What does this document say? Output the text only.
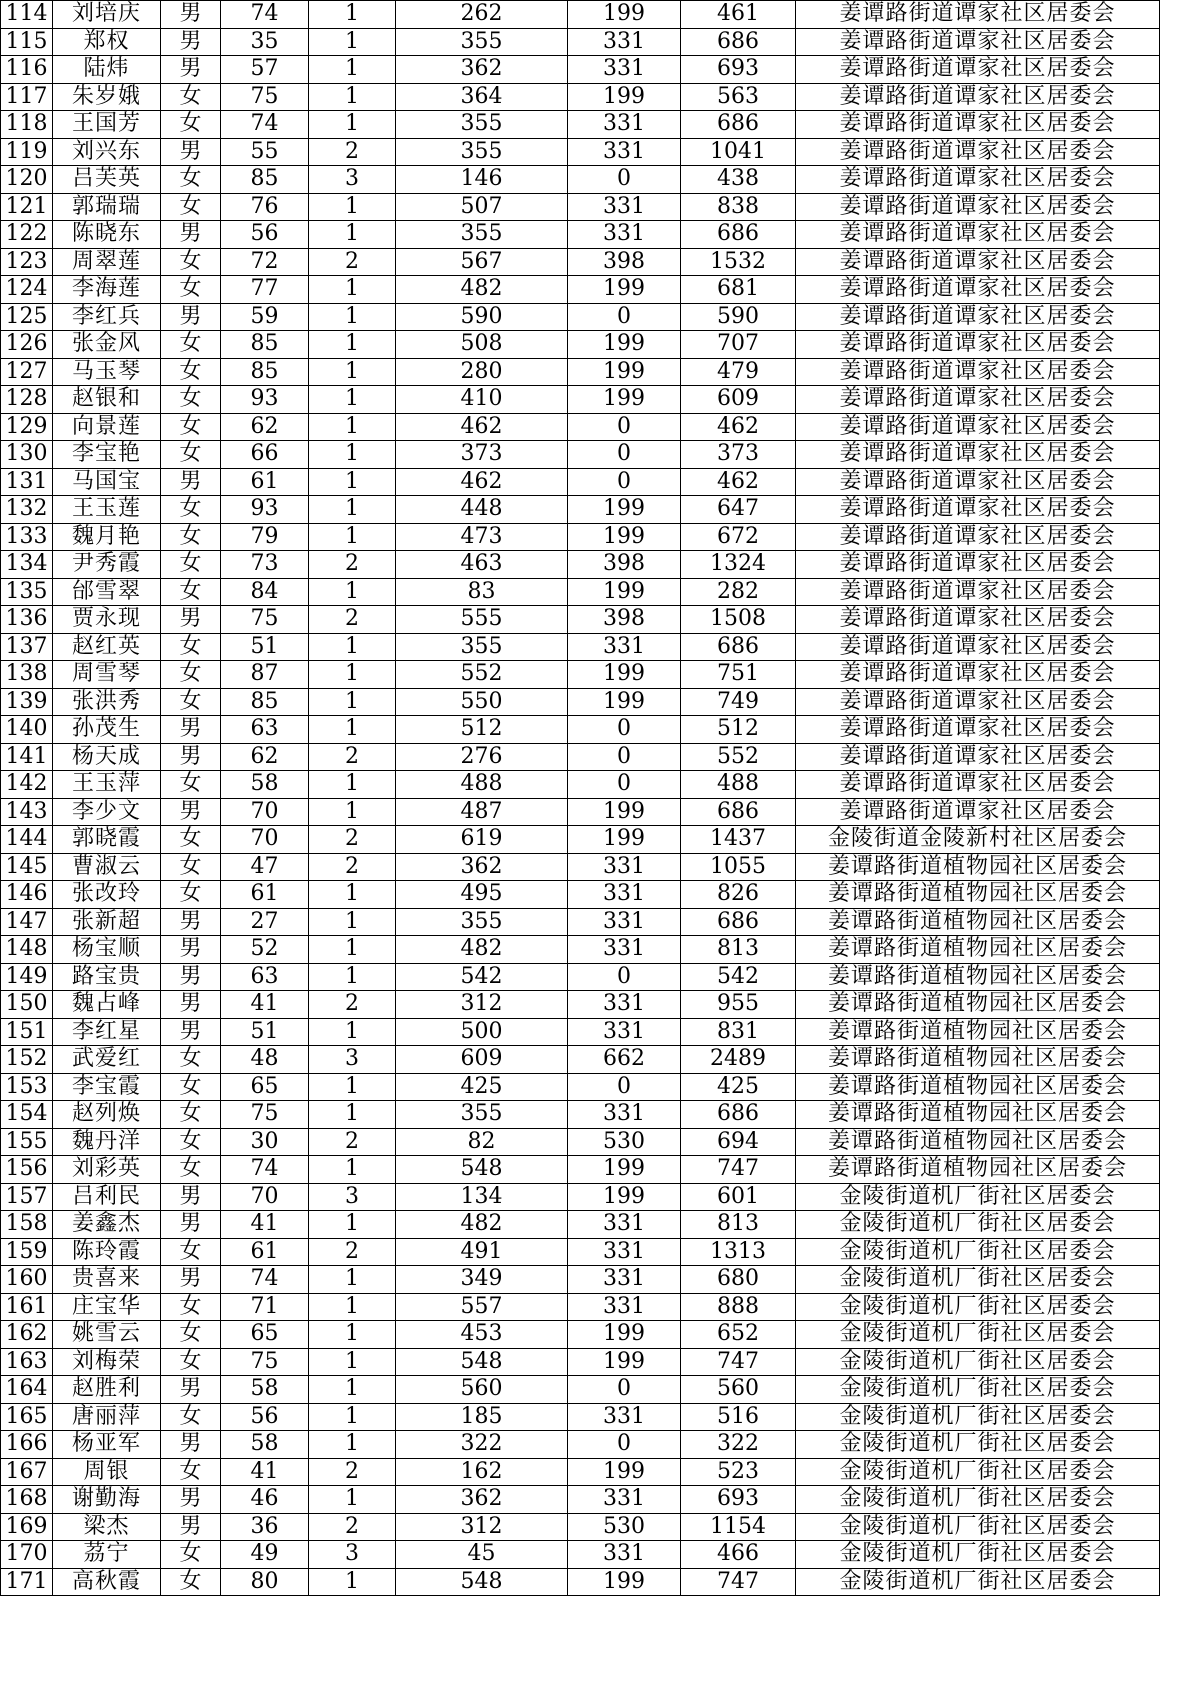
114	刘培庆	男	74	1	262	199	461	姜谭路街道谭家社区居委会
115	郑权	男	35	1	355	331	686	姜谭路街道谭家社区居委会
116	陆炜	男	57	1	362	331	693	姜谭路街道谭家社区居委会
117	朱岁娥	女	75	1	364	199	563	姜谭路街道谭家社区居委会
118	王国芳	女	74	1	355	331	686	姜谭路街道谭家社区居委会
119	刘兴东	男	55	2	355	331	1041	姜谭路街道谭家社区居委会
120	吕芙英	女	85	3	146	0	438	姜谭路街道谭家社区居委会
121	郭瑞瑞	女	76	1	507	331	838	姜谭路街道谭家社区居委会
122	陈晓东	男	56	1	355	331	686	姜谭路街道谭家社区居委会
123	周翠莲	女	72	2	567	398	1532	姜谭路街道谭家社区居委会
124	李海莲	女	77	1	482	199	681	姜谭路街道谭家社区居委会
125	李红兵	男	59	1	590	0	590	姜谭路街道谭家社区居委会
126	张金风	女	85	1	508	199	707	姜谭路街道谭家社区居委会
127	马玉琴	女	85	1	280	199	479	姜谭路街道谭家社区居委会
128	赵银和	女	93	1	410	199	609	姜谭路街道谭家社区居委会
129	向景莲	女	62	1	462	0	462	姜谭路街道谭家社区居委会
130	李宝艳	女	66	1	373	0	373	姜谭路街道谭家社区居委会
131	马国宝	男	61	1	462	0	462	姜谭路街道谭家社区居委会
132	王玉莲	女	93	1	448	199	647	姜谭路街道谭家社区居委会
133	魏月艳	女	79	1	473	199	672	姜谭路街道谭家社区居委会
134	尹秀霞	女	73	2	463	398	1324	姜谭路街道谭家社区居委会
135	邰雪翠	女	84	1	83	199	282	姜谭路街道谭家社区居委会
136	贾永现	男	75	2	555	398	1508	姜谭路街道谭家社区居委会
137	赵红英	女	51	1	355	331	686	姜谭路街道谭家社区居委会
138	周雪琴	女	87	1	552	199	751	姜谭路街道谭家社区居委会
139	张洪秀	女	85	1	550	199	749	姜谭路街道谭家社区居委会
140	孙茂生	男	63	1	512	0	512	姜谭路街道谭家社区居委会
141	杨天成	男	62	2	276	0	552	姜谭路街道谭家社区居委会
142	王玉萍	女	58	1	488	0	488	姜谭路街道谭家社区居委会
143	李少文	男	70	1	487	199	686	姜谭路街道谭家社区居委会
144	郭晓霞	女	70	2	619	199	1437	金陵街道金陵新村社区居委会
145	曹淑云	女	47	2	362	331	1055	姜谭路街道植物园社区居委会
146	张改玲	女	61	1	495	331	826	姜谭路街道植物园社区居委会
147	张新超	男	27	1	355	331	686	姜谭路街道植物园社区居委会
148	杨宝顺	男	52	1	482	331	813	姜谭路街道植物园社区居委会
149	路宝贵	男	63	1	542	0	542	姜谭路街道植物园社区居委会
150	魏占峰	男	41	2	312	331	955	姜谭路街道植物园社区居委会
151	李红星	男	51	1	500	331	831	姜谭路街道植物园社区居委会
152	武爱红	女	48	3	609	662	2489	姜谭路街道植物园社区居委会
153	李宝霞	女	65	1	425	0	425	姜谭路街道植物园社区居委会
154	赵列焕	女	75	1	355	331	686	姜谭路街道植物园社区居委会
155	魏丹洋	女	30	2	82	530	694	姜谭路街道植物园社区居委会
156	刘彩英	女	74	1	548	199	747	姜谭路街道植物园社区居委会
157	吕利民	男	70	3	134	199	601	金陵街道机厂街社区居委会
158	姜鑫杰	男	41	1	482	331	813	金陵街道机厂街社区居委会
159	陈玲霞	女	61	2	491	331	1313	金陵街道机厂街社区居委会
160	贵喜来	男	74	1	349	331	680	金陵街道机厂街社区居委会
161	庄宝华	女	71	1	557	331	888	金陵街道机厂街社区居委会
162	姚雪云	女	65	1	453	199	652	金陵街道机厂街社区居委会
163	刘梅荣	女	75	1	548	199	747	金陵街道机厂街社区居委会
164	赵胜利	男	58	1	560	0	560	金陵街道机厂街社区居委会
165	唐丽萍	女	56	1	185	331	516	金陵街道机厂街社区居委会
166	杨亚军	男	58	1	322	0	322	金陵街道机厂街社区居委会
167	周银	女	41	2	162	199	523	金陵街道机厂街社区居委会
168	谢勤海	男	46	1	362	331	693	金陵街道机厂街社区居委会
169	梁杰	男	36	2	312	530	1154	金陵街道机厂街社区居委会
170	茘宁	女	49	3	45	331	466	金陵街道机厂街社区居委会
171	高秋霞	女	80	1	548	199	747	金陵街道机厂街社区居委会
